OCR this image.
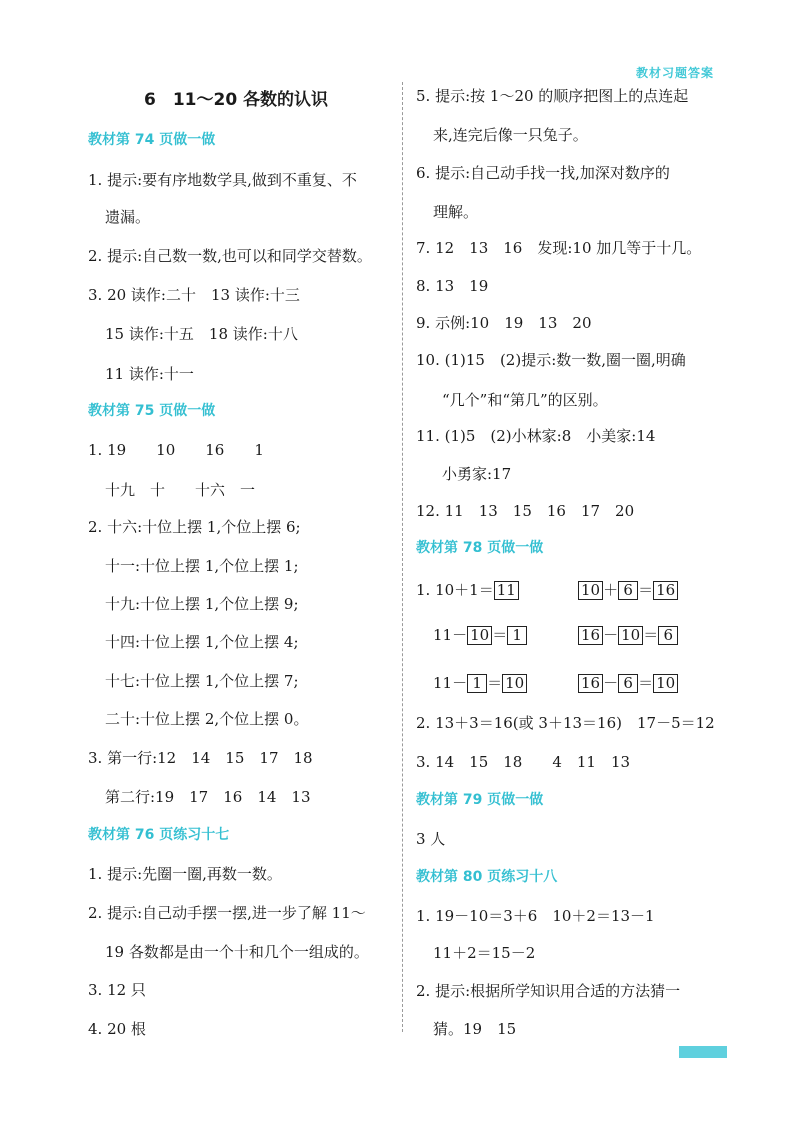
教材习题答案
6　11～20 各数的认识
教材第 74 页做一做
1. 提示:要有序地数学具,做到不重复、不
遗漏。
2. 提示:自己数一数,也可以和同学交替数。
3. 20 读作:二十　13 读作:十三
15 读作:十五　18 读作:十八
11 读作:十一
教材第 75 页做一做
1. 19　　10　　16　　1
十九　十　　十六　一
2. 十六:十位上摆 1,个位上摆 6;
十一:十位上摆 1,个位上摆 1;
十九:十位上摆 1,个位上摆 9;
十四:十位上摆 1,个位上摆 4;
十七:十位上摆 1,个位上摆 7;
二十:十位上摆 2,个位上摆 0。
3. 第一行:12　14　15　17　18
第二行:19　17　16　14　13
教材第 76 页练习十七
1. 提示:先圈一圈,再数一数。
2. 提示:自己动手摆一摆,进一步了解 11～
19 各数都是由一个十和几个一组成的。
3. 12 只
4. 20 根
5. 提示:按 1～20 的顺序把图上的点连起
来,连完后像一只兔子。
6. 提示:自己动手找一找,加深对数序的
理解。
7. 12　13　16　发现:10 加几等于十几。
8. 13　19
9. 示例:10　19　13　20
10. (1)15　(2)提示:数一数,圈一圈,明确
“几个”和“第几”的区别。
11. (1)5　(2)小林家:8　小美家:14
小勇家:17
12. 11　13　15　16　17　20
教材第 78 页做一做
1. 10＋1＝ 11	10 ＋ 6 ＝ 16
11－ 10 ＝ 1	16 － 10 ＝ 6
11－ 1 ＝ 10	16 － 6 ＝ 10
2. 13＋3＝16(或 3＋13＝16)　17－5＝12
3. 14　15　18　　4　11　13
教材第 79 页做一做
3 人
教材第 80 页练习十八
1. 19－10＝3＋6　10＋2＝13－1
11＋2＝15－2
2. 提示:根据所学知识用合适的方法猜一
猜。19　15
